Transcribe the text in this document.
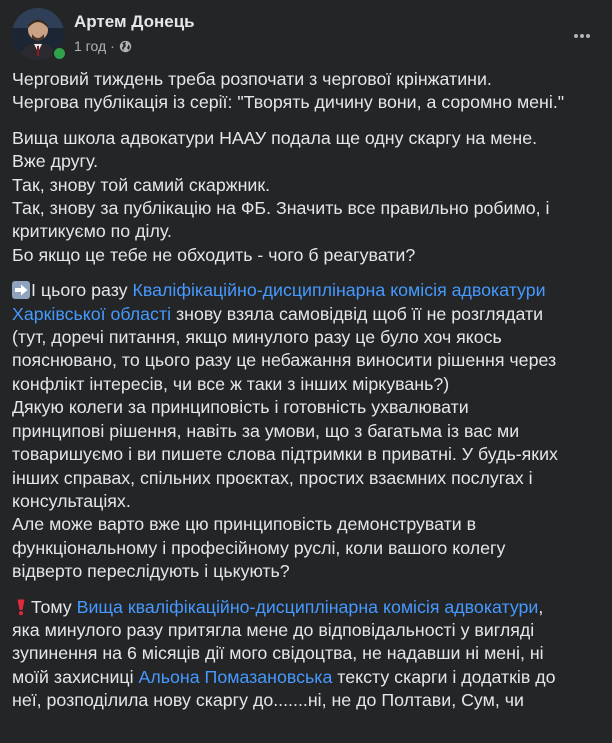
Артем Донець
1 год ·
Черговий тиждень треба розпочати з чергової крінжатини.
Чергова публікація із серії: "Творять дичину вони, а соромно мені."
Вища школа адвокатури НААУ подала ще одну скаргу на мене.
Вже другу.
Так, знову той самий скаржник.
Так, знову за публікацію на ФБ. Значить все правильно робимо, і
критикуємо по ділу.
Бо якщо це тебе не обходить - чого б реагувати?
І цього разу Кваліфікаційно-дисциплінарна комісія адвокатури
Харківської області знову взяла самовідвід щоб її не розглядати
(тут, доречі питання, якщо минулого разу це було хоч якось
пояснювано, то цього разу це небажання виносити рішення через
конфлікт інтересів, чи все ж таки з інших міркувань?)
Дякую колеги за принциповість і готовність ухвалювати
принципові рішення, навіть за умови, що з багатьма із вас ми
товаришуємо і ви пишете слова підтримки в приватні. У будь-яких
інших справах, спільних проєктах, простих взаємних послугах і
консультаціях.
Але може варто вже цю принциповість демонструвати в
функціональному і професійному руслі, коли вашого колегу
відверто переслідують і цькують?
Тому Вища кваліфікаційно-дисциплінарна комісія адвокатури,
яка минулого разу притягла мене до відповідальності у вигляді
зупинення на 6 місяців дії мого свідоцтва, не надавши ні мені, ні
моїй захисниці Альона Помазановська тексту скарги і додатків до
неї, розподілила нову скаргу до.......ні, не до Полтави, Сум, чи
